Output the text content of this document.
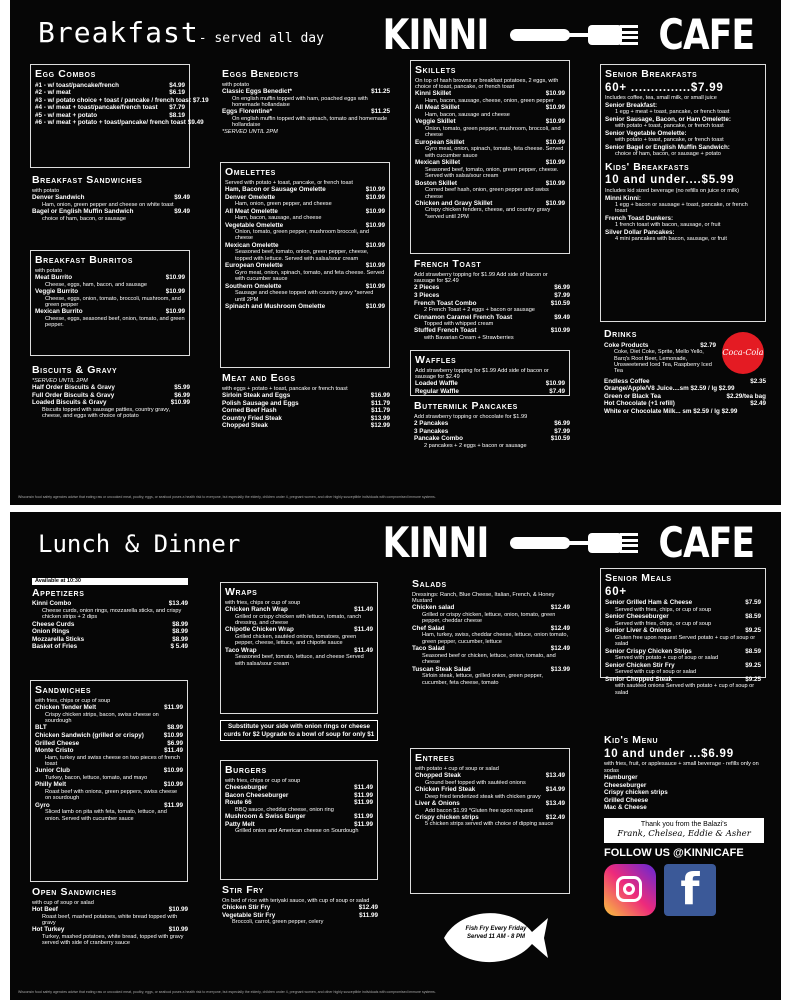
Breakfast- served all day KINNI	CAFE
Egg Combos
#1 - w/ toast/pancake/french	$4.99
#2 - w/ meat	$6.19
#3 - w/ potato choice + toast / pancake / french toast $7.19
#4 - w/ meat + toast/pancake/french toast	$7.79
#5 - w/ meat + potato	$8.19
#6 - w/ meat + potato + toast/pancake/ french toast $9.49
Breakfast Sandwiches
with potato
Denver Sandwich	$9.49
Ham, onion, green pepper and cheese on white toast
Bagel or English Muffin Sandwich	$9.49
choice of ham, bacon, or sausage
Breakfast Burritos
with potato
Meat Burrito	$10.99
Cheese, eggs, ham, bacon, and sausage
Veggie Burrito	$10.99
Cheese, eggs, onion, tomato, broccoli, mushroom, and green pepper
Mexican Burrito	$10.99
Cheese, eggs, seasoned beef, onion, tomato, and green pepper.
Biscuits & Gravy
*SERVED UNTIL 2PM
Half Order Biscuits & Gravy	$5.99
Full Order Biscuits & Gravy	$6.99
Loaded Biscuits & Gravy	$10.99
Biscuits topped with sausage patties, country gravy, cheese, and eggs with choice of potato
Eggs Benedicts
with potato
Classic Eggs Benedict*	$11.25
On english muffin topped with ham, poached eggs with homemade hollandaise
Eggs Florentine*	$11.25
On english muffin topped with spinach, tomato and homemade hollandaise
*SERVED UNTIL 2PM
Omelettes
Served with potato + toast, pancake, or french toast
Ham, Bacon or Sausage Omelette	$10.99
Denver Omelette	$10.99
Ham, onion, green pepper, and cheese
All Meat Omelette	$10.99
Ham, bacon, sausage, and cheese
Vegetable Omelette	$10.99
Onion, tomato, green pepper, mushroom broccoli, and cheese
Mexican Omelette	$10.99
Seasoned beef, tomato, onion, green pepper, cheese, topped with lettuce. Served with salsa/sour cream
European Omelette	$10.99
Gyro meat, onion, spinach, tomato, and feta cheese. Served with cucumber sauce
Southern Omelette	$10.99
Sausage and cheese topped with country gravy *served until 2PM
Spinach and Mushroom Omelette	$10.99
Meat and Eggs
with eggs + potato + toast, pancake or french toast
Sirloin Steak and Eggs	$16.99
Polish Sausage and Eggs	$11.79
Corned Beef Hash	$11.79
Country Fried Steak	$13.99
Chopped Steak	$12.99
Skillets
On top of hash browns or breakfast potatoes, 2 eggs, with choice of toast, pancake, or french toast
Kinni Skillet	$10.99
Ham, bacon, sausage, cheese, onion, green pepper
All Meat Skillet	$10.99
Ham, bacon, sausage and cheese
Veggie Skillet	$10.99
Onion, tomato, green pepper, mushroom, broccoli, and cheese
European Skillet	$10.99
Gyro meat, onion, spinach, tomato, feta cheese. Served with cucumber sauce
Mexican Skillet	$10.99
Seasoned beef, tomato, onion, green pepper, cheese. Served with salsa/sour cream
Boston Skillet	$10.99
Corned beef hash, onion, green pepper and swiss cheese
Chicken and Gravy Skillet	$10.99
Crispy chicken fenders, cheese, and country gravy *served until 2PM
French Toast
Add strawberry topping for $1.99 Add side of bacon or sausage for $2.49
2 Pieces	$6.99
3 Pieces	$7.99
French Toast Combo	$10.59
2 French Toast + 2 eggs + bacon or sausage
Cinnamon Caramel French Toast	$9.49
Topped with whipped cream
Stuffed French Toast	$10.99
with Bavarian Cream + Strawberries
Waffles
Add strawberry topping for $1.99 Add side of bacon or sausage for $2.49
Loaded Waffle	$10.99
Regular Waffle	$7.49
Buttermilk Pancakes
Add strawberry topping or chocolate for $1.99
2 Pancakes	$6.99
3 Pancakes	$7.99
Pancake Combo	$10.59
2 pancakes + 2 eggs + bacon or sausage
Senior Breakfasts
60+ ...............$7.99
Includes coffee, tea, small milk, or small juice
Senior Breakfast:
1 egg + meat + toast, pancake, or french toast
Senior Sausage, Bacon, or Ham Omelette:
with potato + toast, pancake, or french toast
Senior Vegetable Omelette:
with potato + toast, pancake, or french toast
Senior Bagel or English Muffin Sandwich:
choice of ham, bacon, or sausage + potato
Kids' Breakfasts
10 and under....$5.99
Includes kid sized beverage (no refills on juice or milk)
Minni Kinni:
1 egg + bacon or sausage + toast, pancake, or french toast
French Toast Dunkers:
1 french toast with bacon, sausage, or fruit
Silver Dollar Pancakes:
4 mini pancakes with bacon, sausage, or fruit
Drinks
Coca-Cola
Coke Products	$2.79
Coke, Diet Coke, Sprite, Mello Yello, Barq's Root Beer, Lemonade, Unsweetened Iced Tea, Raspberry Iced Tea
Endless Coffee	$2.35
Orange/Apple/V8 Juice....sm $2.59 / lg $2.99
Green or Black Tea	$2.29/tea bag
Hot Chocolate (+1 refill)	$2.49
White or Chocolate Milk... sm $2.59 / lg $2.99
Wisconsin food safety agencies advise that eating raw or uncooked meat, poultry, eggs, or seafood poses a health risk to everyone, but especially the elderly, children under 4, pregnant women, and other highly susceptible individuals with compromised immune systems.
Lunch & Dinner	KINNI	CAFE
Available at 10:30
Appetizers
Kinni Combo	$13.49
Cheese curds, onion rings, mozzarella sticks, and crispy chicken strips + 2 dips
Cheese Curds	$8.99
Onion Rings	$8.99
Mozzarella Sticks	$8.99
Basket of Fries	$ 5.49
Sandwiches
with fries, chips or cup of soup
Chicken Tender Melt	$11.99
Crispy chicken strips, bacon, swiss cheese on sourdough
BLT	$8.99
Chicken Sandwich (grilled or crispy)	$10.99
Grilled Cheese	$6.99
Monte Cristo	$11.49
Ham, turkey and swiss cheese on two pieces of french toast
Junior Club	$10.99
Turkey, bacon, lettuce, tomato, and mayo
Philly Melt	$10.99
Roast beef with onions, green peppers, swiss cheese on sourdough
Gyro	$11.99
Sliced lamb on pita with feta, tomato, lettuce, and onion. Served with cucumber sauce
Open Sandwiches
with cup of soup or salad
Hot Beef	$10.99
Roast beef, mashed potatoes, white bread topped with gravy
Hot Turkey	$10.99
Turkey, mashed potatoes, white bread, topped with gravy served with side of cranberry sauce
Wraps
with fries, chips or cup of soup
Chicken Ranch Wrap	$11.49
Grilled or crispy chicken with lettuce, tomato, ranch dressing, and cheese
Chipotle Chicken Wrap	$11.49
Grilled chicken, sautéed onions, tomatoes, green pepper, cheese, lettuce, and chipotle sauce
Taco Wrap	$11.49
Seasoned beef, tomato, lettuce, and cheese Served with salsa/sour cream
Substitute your side with onion rings or cheese curds for $2 Upgrade to a bowl of soup for only $1
Burgers
with fries, chips or cup of soup
Cheeseburger	$11.49
Bacon Cheeseburger	$11.99
Route 66	$11.99
BBQ sauce, cheddar cheese, onion ring
Mushroom & Swiss Burger	$11.99
Patty Melt	$11.99
Grilled onion and American cheese on Sourdough
Stir Fry
On bed of rice with teriyaki sauce, with cup of soup or salad
Chicken Stir Fry	$12.49
Vegetable Stir Fry	$11.99
Broccoli, carrot, green pepper, celery
Salads
Dressings: Ranch, Blue Cheese, Italian, French, & Honey Mustard
Chicken salad	$12.49
Grilled or crispy chicken, lettuce, onion, tomato, green pepper, cheddar cheese
Chef Salad	$12.49
Ham, turkey, swiss, cheddar cheese, lettuce, onion tomato, green pepper, cucumber, lettuce
Taco Salad	$12.49
Seasoned beef or chicken, lettuce, onion, tomato, and cheese
Tuscan Steak Salad	$13.99
Sirloin steak, lettuce, grilled onion, green pepper, cucumber, feta cheese, tomato
Entrees
with potato + cup of soup or salad
Chopped Steak	$13.49
Ground beef topped with sautéed onions
Chicken Fried Steak	$14.99
Deep fried tenderized steak with chicken gravy
Liver & Onions	$13.49
Add bacon $1.99 *Gluten free upon request
Crispy chicken strips	$12.49
5 chicken strips served with choice of dipping sauce
Fish Fry Every Friday Served 11 AM - 8 PM
Senior Meals
60+
Senior Grilled Ham & Cheese	$7.59
Served with fries, chips, or cup of soup
Senior Cheeseburger	$8.59
Served with fries, chips, or cup of soup
Senior Liver & Onions	$9.25
Gluten free upon request Served potato + cup of soup or salad
Senior Crispy Chicken Strips	$8.59
Served with potato + cup of soup or salad
Senior Chicken Stir Fry	$9.25
Served with cup of soup or salad
Senior Chopped Steak	$9.25
with sautéed onions Served with potato + cup of soup or salad
Kid's Menu
10 and under ...$6.99
with fries, fruit, or applesauce + small beverage - refills only on sodas
Hamburger
Cheeseburger
Crispy chicken strips
Grilled Cheese
Mac & Cheese
Thank you from the Balazi's
Frank, Chelsea, Eddie & Asher
FOLLOW US @KINNICAFE
f
Wisconsin food safety agencies advise that eating raw or uncooked meat, poultry, eggs, or seafood poses a health risk to everyone, but especially the elderly, children under 4, pregnant women, and other highly susceptible individuals with compromised immune systems.
